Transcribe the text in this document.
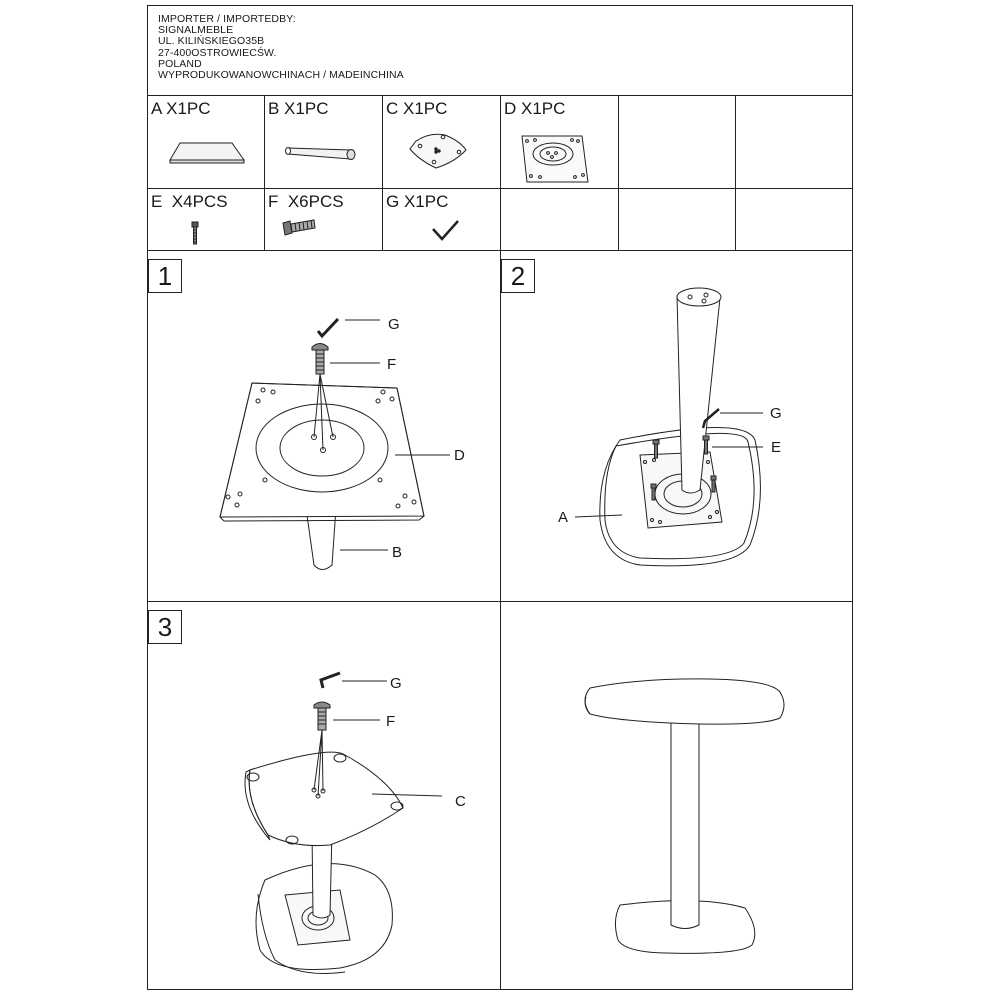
IMPORTER / IMPORTEDBY:
SIGNALMEBLE
UL. KILIŃSKIEGO35B
27-400OSTROWIECŚW.
POLAND
WYPRODUKOWANOWCHINACH / MADEINCHINA
A X1PC	B X1PC	C X1PC	D X1PC
E  X4PCS F  X6PCS G X1PC
1	2
3
G
F
D
B
G
E
A
G
F
C
